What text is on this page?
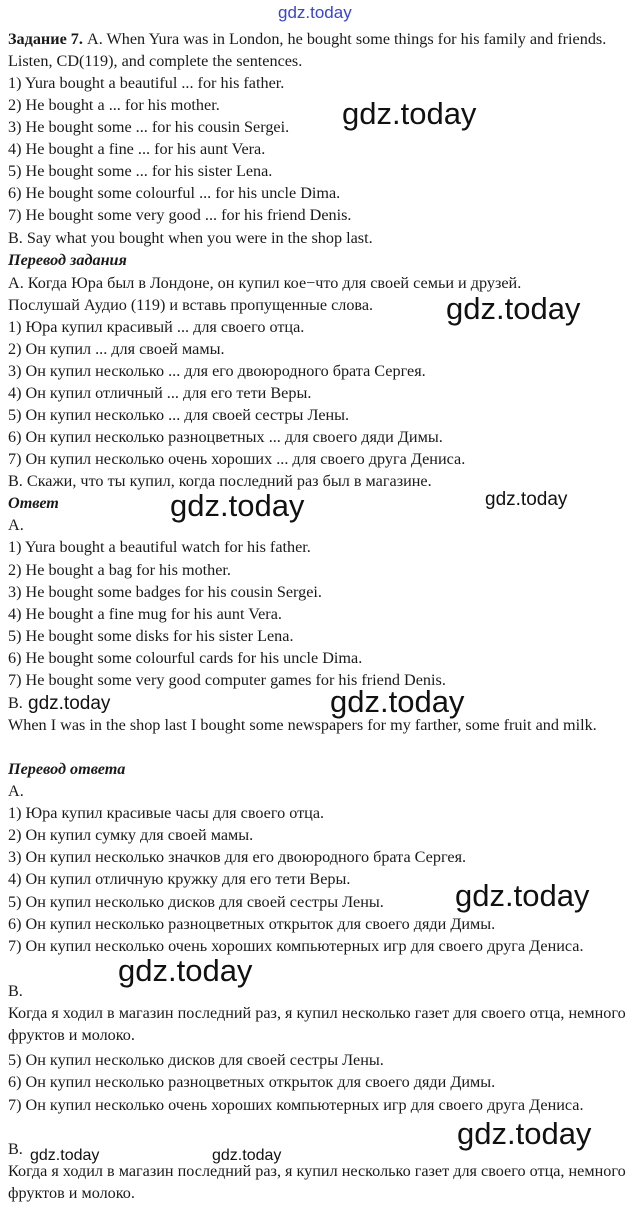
gdz.today
gdz.today
gdz.today
gdz.today	gdz.today
gdz.today	gdz.today
gdz.today
gdz.today
gdz.today
gdz.today	gdz.today
Задание 7. A. When Yura was in London, he bought some things for his family and friends. Listen, CD(119), and complete the sentences.
1) Yura bought a beautiful ... for his father.
2) He bought a ... for his mother.
3) He bought some ... for his cousin Sergei.
4) He bought a fine ... for his aunt Vera.
5) He bought some ... for his sister Lena.
6) He bought some colourful ... for his uncle Dima.
7) He bought some very good ... for his friend Denis.
B. Say what you bought when you were in the shop last.
Перевод задания
А. Когда Юра был в Лондоне, он купил кое−что для своей семьи и друзей.
Послушай Аудио (119) и вставь пропущенные слова.
1) Юра купил красивый ... для своего отца.
2) Он купил ... для своей мамы.
3) Он купил несколько ... для его двоюродного брата Сергея.
4) Он купил отличный ... для его тети Веры.
5) Он купил несколько ... для своей сестры Лены.
6) Он купил несколько разноцветных ... для своего дяди Димы.
7) Он купил несколько очень хороших ... для своего друга Дениса.
В. Скажи, что ты купил, когда последний раз был в магазине.
Ответ
A.
1) Yura bought a beautiful watch for his father.
2) He bought a bag for his mother.
3) He bought some badges for his cousin Sergei.
4) He bought a fine mug for his aunt Vera.
5) He bought some disks for his sister Lena.
6) He bought some colourful cards for his uncle Dima.
7) He bought some very good computer games for his friend Denis.
B.
When I was in the shop last I bought some newspapers for my farther, some fruit and milk.
Перевод ответа
А.
1) Юра купил красивые часы для своего отца.
2) Он купил сумку для своей мамы.
3) Он купил несколько значков для его двоюродного брата Сергея.
4) Он купил отличную кружку для его тети Веры.
5) Он купил несколько дисков для своей сестры Лены.
6) Он купил несколько разноцветных открыток для своего дяди Димы.
7) Он купил несколько очень хороших компьютерных игр для своего друга Дениса.
В.
Когда я ходил в магазин последний раз, я купил несколько газет для своего отца, немного фруктов и молоко.
5) Он купил несколько дисков для своей сестры Лены.
6) Он купил несколько разноцветных открыток для своего дяди Димы.
7) Он купил несколько очень хороших компьютерных игр для своего друга Дениса.
В.
Когда я ходил в магазин последний раз, я купил несколько газет для своего отца, немного фруктов и молоко.
